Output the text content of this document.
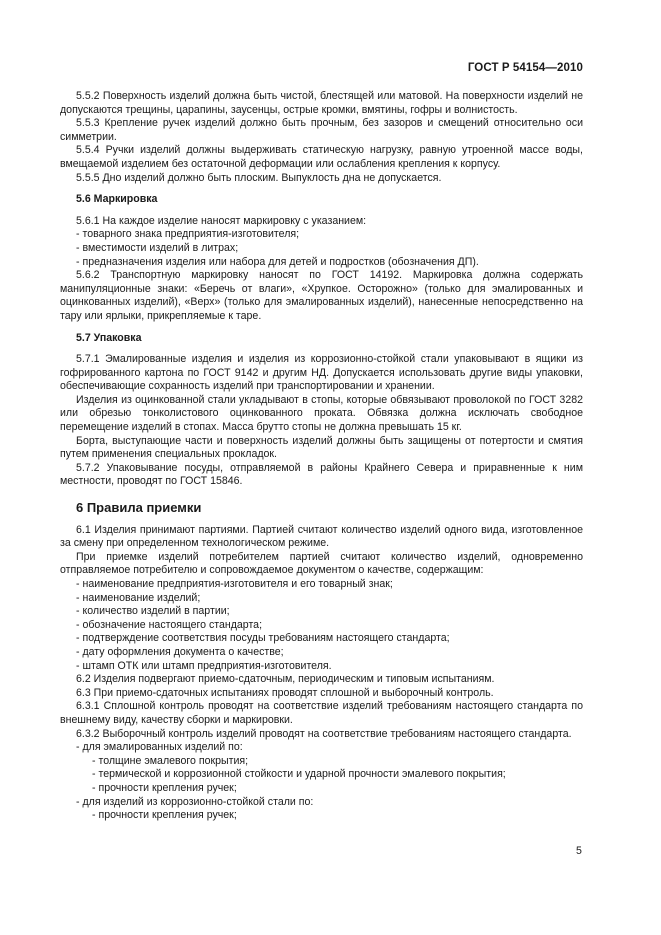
ГОСТ Р 54154—2010

5.5.2 Поверхность изделий должна быть чистой, блестящей или матовой. На поверхности изделий не допускаются трещины, царапины, заусенцы, острые кромки, вмятины, гофры и волнистость.

5.5.3 Крепление ручек изделий должно быть прочным, без зазоров и смещений относительно оси симметрии.

5.5.4 Ручки изделий должны выдерживать статическую нагрузку, равную утроенной массе воды, вмещаемой изделием без остаточной деформации или ослабления крепления к корпусу.

5.5.5 Дно изделий должно быть плоским. Выпуклость дна не допускается.

5.6 Маркировка

5.6.1 На каждое изделие наносят маркировку с указанием:

- товарного знака предприятия-изготовителя;

- вместимости изделий в литрах;

- предназначения изделия или набора для детей и подростков (обозначения ДП).

5.6.2 Транспортную маркировку наносят по ГОСТ 14192. Маркировка должна содержать манипуляционные знаки: «Беречь от влаги», «Хрупкое. Осторожно» (только для эмалированных и оцинкованных изделий), «Верх» (только для эмалированных изделий), нанесенные непосредственно на тару или ярлыки, прикрепляемые к таре.

5.7 Упаковка

5.7.1 Эмалированные изделия и изделия из коррозионно-стойкой стали упаковывают в ящики из гофрированного картона по ГОСТ 9142 и другим НД. Допускается использовать другие виды упаковки, обеспечивающие сохранность изделий при транспортировании и хранении.

Изделия из оцинкованной стали укладывают в стопы, которые обвязывают проволокой по ГОСТ 3282 или обрезью тонколистового оцинкованного проката. Обвязка должна исключать свободное перемещение изделий в стопах. Масса брутто стопы не должна превышать 15 кг.

Борта, выступающие части и поверхность изделий должны быть защищены от потертости и смятия путем применения специальных прокладок.

5.7.2 Упаковывание посуды, отправляемой в районы Крайнего Севера и приравненные к ним местности, проводят по ГОСТ 15846.

6 Правила приемки

6.1 Изделия принимают партиями. Партией считают количество изделий одного вида, изготовленное за смену при определенном технологическом режиме.

При приемке изделий потребителем партией считают количество изделий, одновременно отправляемое потребителю и сопровождаемое документом о качестве, содержащим:

- наименование предприятия-изготовителя и его товарный знак;

- наименование изделий;

- количество изделий в партии;

- обозначение настоящего стандарта;

- подтверждение соответствия посуды требованиям настоящего стандарта;

- дату оформления документа о качестве;

- штамп ОТК или штамп предприятия-изготовителя.

6.2 Изделия подвергают приемо-сдаточным, периодическим и типовым испытаниям.

6.3 При приемо-сдаточных испытаниях проводят сплошной и выборочный контроль.

6.3.1 Сплошной контроль проводят на соответствие изделий требованиям настоящего стандарта по внешнему виду, качеству сборки и маркировки.

6.3.2 Выборочный контроль изделий проводят на соответствие требованиям настоящего стандарта.

- для эмалированных изделий по:

- толщине эмалевого покрытия;

- термической и коррозионной стойкости и ударной прочности эмалевого покрытия;

- прочности крепления ручек;

- для изделий из коррозионно-стойкой стали по:

- прочности крепления ручек;

5
